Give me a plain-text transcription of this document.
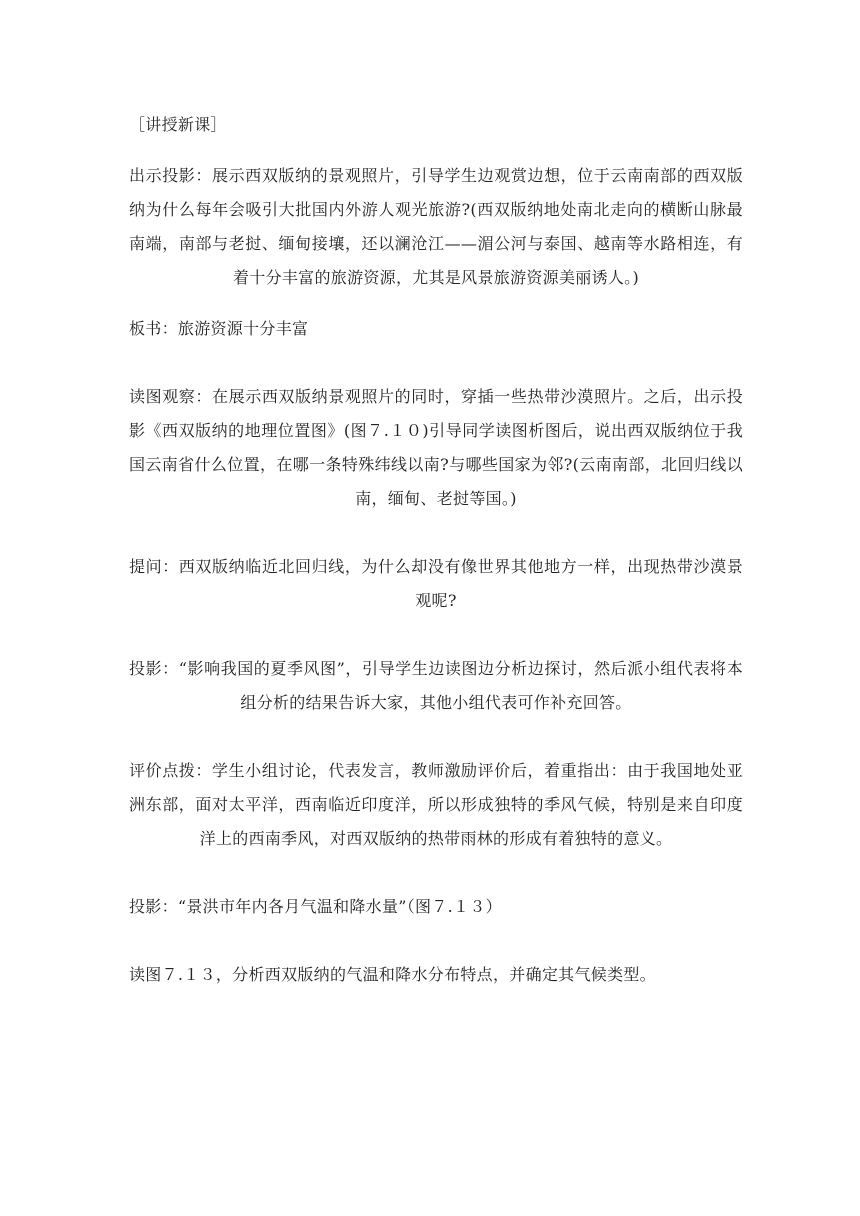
［讲授新课］

出示投影：展示西双版纳的景观照片，引导学生边观赏边想，位于云南南部的西双版纳为什么每年会吸引大批国内外游人观光旅游?(西双版纳地处南北走向的横断山脉最南端，南部与老挝、缅甸接壤，还以澜沧江——湄公河与泰国、越南等水路相连，有着十分丰富的旅游资源，尤其是风景旅游资源美丽诱人。)

板书：旅游资源十分丰富

读图观察：在展示西双版纳景观照片的同时，穿插一些热带沙漠照片。之后，出示投影《西双版纳的地理位置图》(图７.１０)引导同学读图析图后，说出西双版纳位于我国云南省什么位置，在哪一条特殊纬线以南?与哪些国家为邻?(云南南部，北回归线以南，缅甸、老挝等国。)

提问：西双版纳临近北回归线，为什么却没有像世界其他地方一样，出现热带沙漠景观呢?

投影：“影响我国的夏季风图”，引导学生边读图边分析边探讨，然后派小组代表将本组分析的结果告诉大家，其他小组代表可作补充回答。

评价点拨：学生小组讨论，代表发言，教师激励评价后，着重指出：由于我国地处亚洲东部，面对太平洋，西南临近印度洋，所以形成独特的季风气候，特别是来自印度洋上的西南季风，对西双版纳的热带雨林的形成有着独特的意义。

投影：“景洪市年内各月气温和降水量”（图７.１３）

读图７.１３，分析西双版纳的气温和降水分布特点，并确定其气候类型。
